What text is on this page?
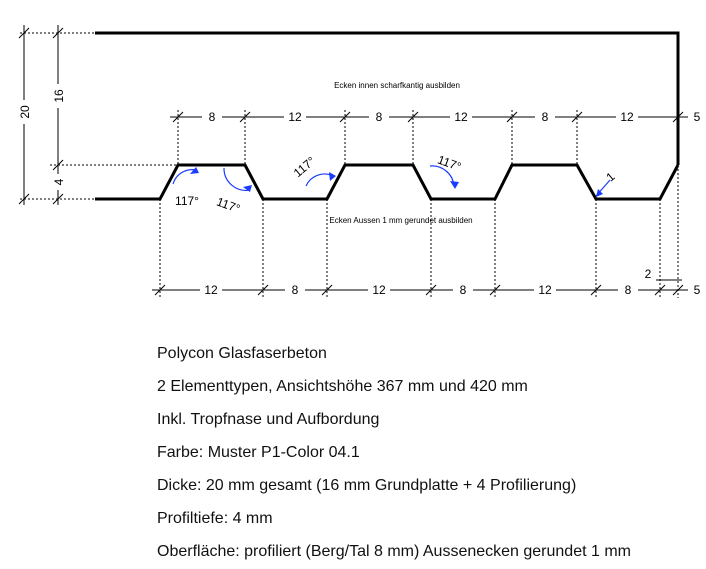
8	12	8	12	8	12	5
12	8	12	8	12	8	5
2
20
16
4
Ecken innen scharfkantig ausbilden
Ecken Aussen 1 mm gerundet ausbilden
117° 117°
117°	117°
1
Polycon Glasfaserbeton
2 Elementtypen, Ansichtshöhe 367 mm und 420 mm
Inkl. Tropfnase und Aufbordung
Farbe: Muster P1-Color 04.1
Dicke: 20 mm gesamt (16 mm Grundplatte + 4 Profilierung)
Profiltiefe: 4 mm
Oberfläche: profiliert (Berg/Tal 8 mm) Aussenecken gerundet 1 mm
